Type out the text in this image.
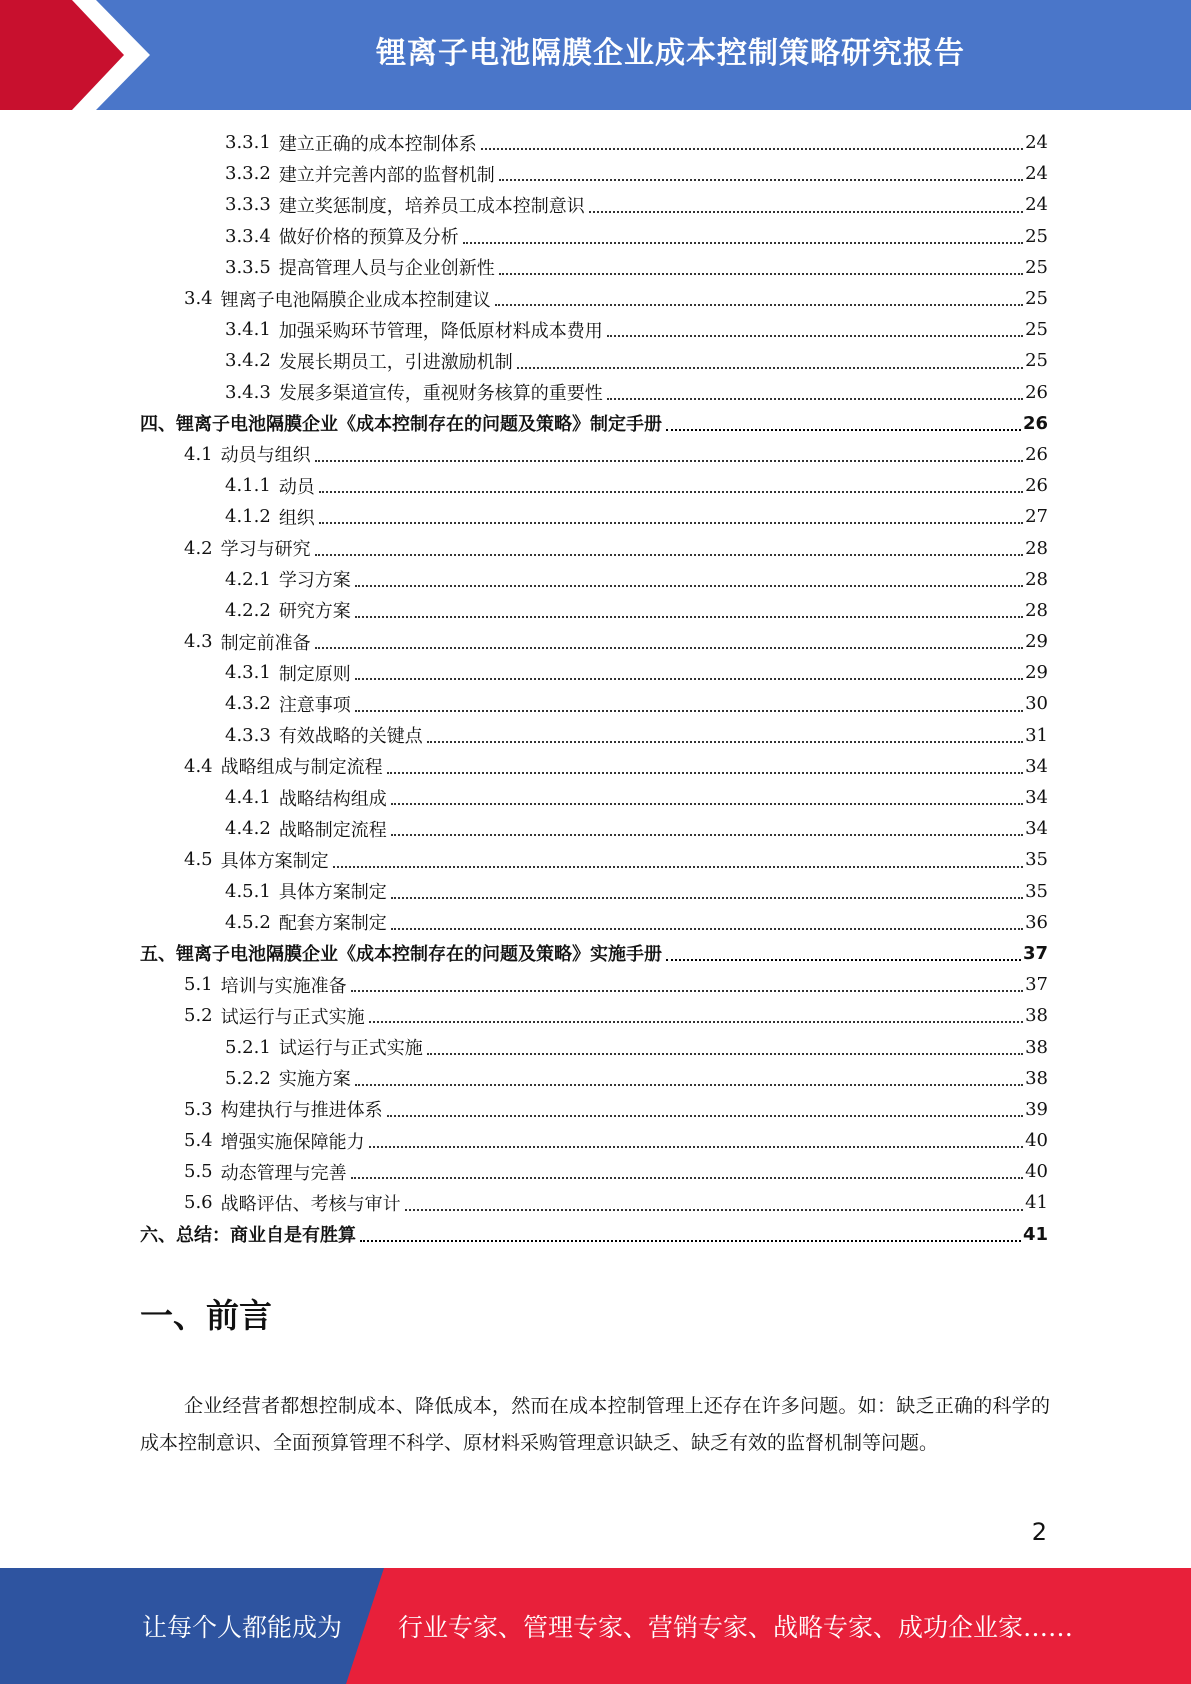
锂离子电池隔膜企业成本控制策略研究报告
3.3.1 建立正确的成本控制体系	24
3.3.2 建立并完善内部的监督机制	24
3.3.3 建立奖惩制度，培养员工成本控制意识	24
3.3.4 做好价格的预算及分析	25
3.3.5 提高管理人员与企业创新性	25
3.4 锂离子电池隔膜企业成本控制建议	25
3.4.1 加强采购环节管理，降低原材料成本费用	25
3.4.2 发展长期员工，引进激励机制	25
3.4.3 发展多渠道宣传，重视财务核算的重要性	26
四、 锂离子电池隔膜企业《成本控制存在的问题及策略》制定手册	26
4.1 动员与组织	26
4.1.1 动员	26
4.1.2 组织	27
4.2 学习与研究	28
4.2.1 学习方案	28
4.2.2 研究方案	28
4.3 制定前准备	29
4.3.1 制定原则	29
4.3.2 注意事项	30
4.3.3 有效战略的关键点	31
4.4 战略组成与制定流程	34
4.4.1 战略结构组成	34
4.4.2 战略制定流程	34
4.5 具体方案制定	35
4.5.1 具体方案制定	35
4.5.2 配套方案制定	36
五、 锂离子电池隔膜企业《成本控制存在的问题及策略》实施手册	37
5.1 培训与实施准备	37
5.2 试运行与正式实施	38
5.2.1 试运行与正式实施	38
5.2.2 实施方案	38
5.3 构建执行与推进体系	39
5.4 增强实施保障能力	40
5.5 动态管理与完善	40
5.6 战略评估、考核与审计	41
六、 总结：商业自是有胜算	41
一、前言
企业经营者都想控制成本、降低成本，然而在成本控制管理上还存在许多问题。如：缺乏正确的科学的成本控制意识、全面预算管理不科学、原材料采购管理意识缺乏、缺乏有效的监督机制等问题。
2
让每个人都能成为 行业专家、管理专家、营销专家、战略专家、成功企业家……
